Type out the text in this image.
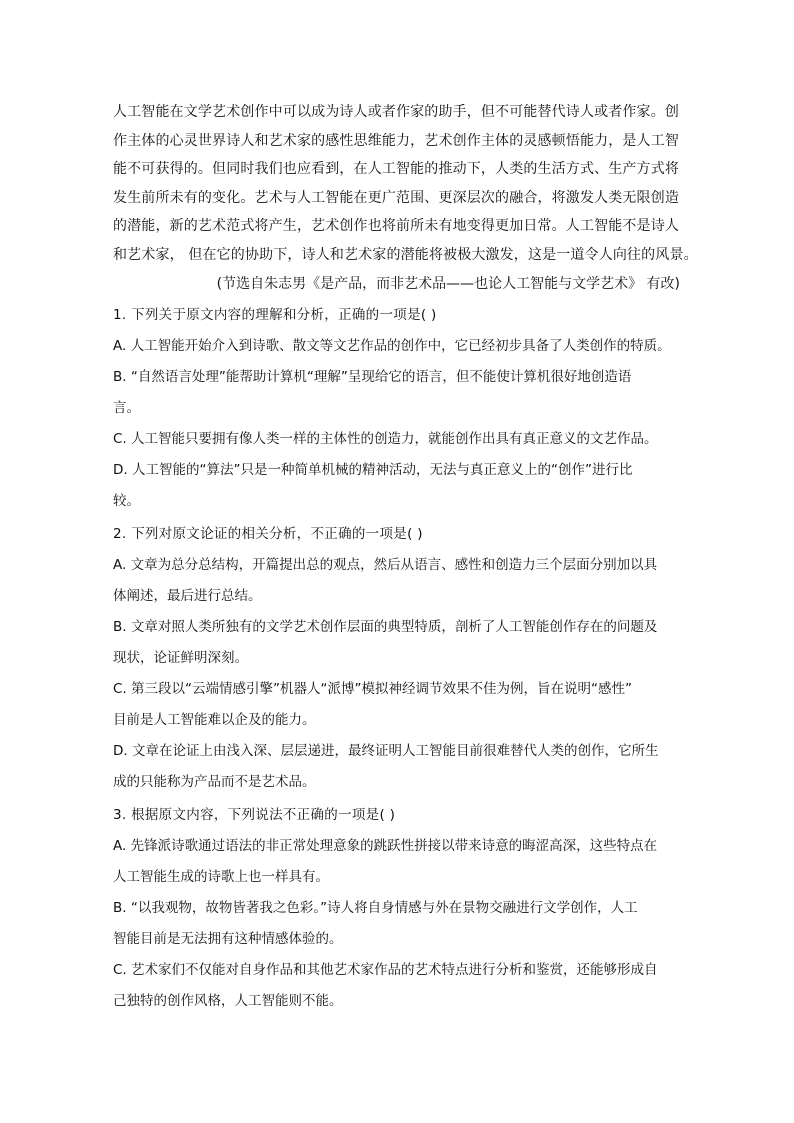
人工智能在文学艺术创作中可以成为诗人或者作家的助手，但不可能替代诗人或者作家。创

作主体的心灵世界诗人和艺术家的感性思维能力，艺术创作主体的灵感顿悟能力，是人工智

能不可获得的。但同时我们也应看到，在人工智能的推动下，人类的生活方式、生产方式将

发生前所未有的变化。艺术与人工智能在更广范围、更深层次的融合，将激发人类无限创造

的潜能，新的艺术范式将产生，艺术创作也将前所未有地变得更加日常。人工智能不是诗人

和艺术家， 但在它的协助下，诗人和艺术家的潜能将被极大激发，这是一道令人向往的风景。

(节选自朱志男《是产品，而非艺术品——也论人工智能与文学艺术》 有改)

1. 下列关于原文内容的理解和分析，正确的一项是( )

A. 人工智能开始介入到诗歌、散文等文艺作品的创作中，它已经初步具备了人类创作的特质。

B. “自然语言处理”能帮助计算机“理解”呈现给它的语言，但不能使计算机很好地创造语

言。

C. 人工智能只要拥有像人类一样的主体性的创造力，就能创作出具有真正意义的文艺作品。

D. 人工智能的“算法”只是一种简单机械的精神活动，无法与真正意义上的“创作”进行比

较。

2. 下列对原文论证的相关分析，不正确的一项是( )

A. 文章为总分总结构，开篇提出总的观点，然后从语言、感性和创造力三个层面分别加以具

体阐述，最后进行总结。

B. 文章对照人类所独有的文学艺术创作层面的典型特质，剖析了人工智能创作存在的问题及

现状，论证鲜明深刻。

C. 第三段以“云端情感引擎”机器人“派博”模拟神经调节效果不佳为例，旨在说明“感性”

目前是人工智能难以企及的能力。

D. 文章在论证上由浅入深、层层递进，最终证明人工智能目前很难替代人类的创作，它所生

成的只能称为产品而不是艺术品。

3. 根据原文内容，下列说法不正确的一项是( )

A. 先锋派诗歌通过语法的非正常处理意象的跳跃性拼接以带来诗意的晦涩高深，这些特点在

人工智能生成的诗歌上也一样具有。

B. “以我观物，故物皆著我之色彩。”诗人将自身情感与外在景物交融进行文学创作，人工

智能目前是无法拥有这种情感体验的。

C. 艺术家们不仅能对自身作品和其他艺术家作品的艺术特点进行分析和鉴赏，还能够形成自

己独特的创作风格，人工智能则不能。
